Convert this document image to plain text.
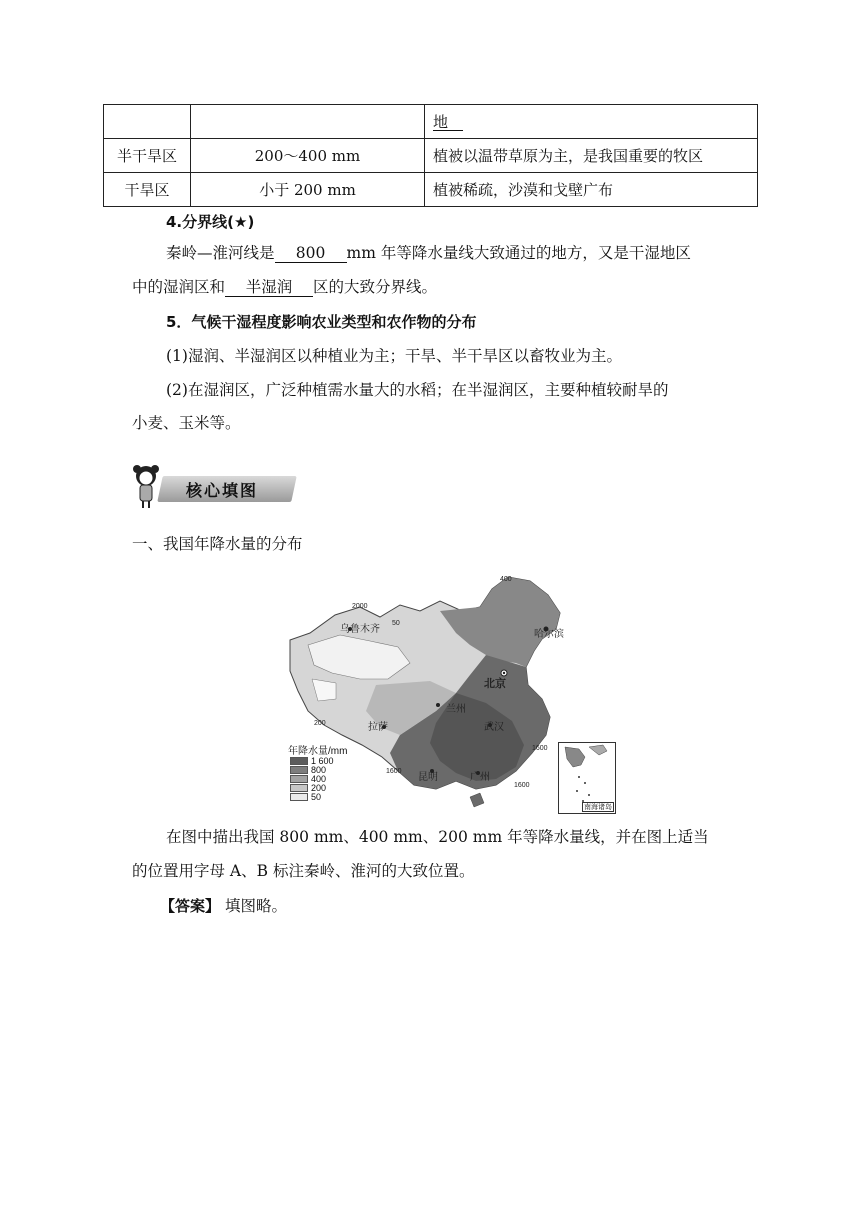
		地　
半干旱区	200～400 mm	植被以温带草原为主，是我国重要的牧区
干旱区	小于 200 mm	植被稀疏，沙漠和戈壁广布
4.分界线(★)
秦岭—淮河线是 800 mm 年等降水量线大致通过的地方，又是干湿地区
中的湿润区和 半湿润 区的大致分界线。
5．气候干湿程度影响农业类型和农作物的分布
(1)湿润、半湿润区以种植业为主；干旱、半干旱区以畜牧业为主。
(2)在湿润区，广泛种植需水量大的水稻；在半湿润区，主要种植较耐旱的
小麦、玉米等。
核心填图
一、我国年降水量的分布
乌鲁木齐	哈尔滨
北京
兰州
拉萨	武汉
昆明	广州
400
2000
50
200
1600
1600
1600
年降水量/mm
1 600
800
400
200
50
南海诸岛
在图中描出我国 800 mm、400 mm、200 mm 年等降水量线，并在图上适当
的位置用字母 A、B 标注秦岭、淮河的大致位置。
【答案】 填图略。
